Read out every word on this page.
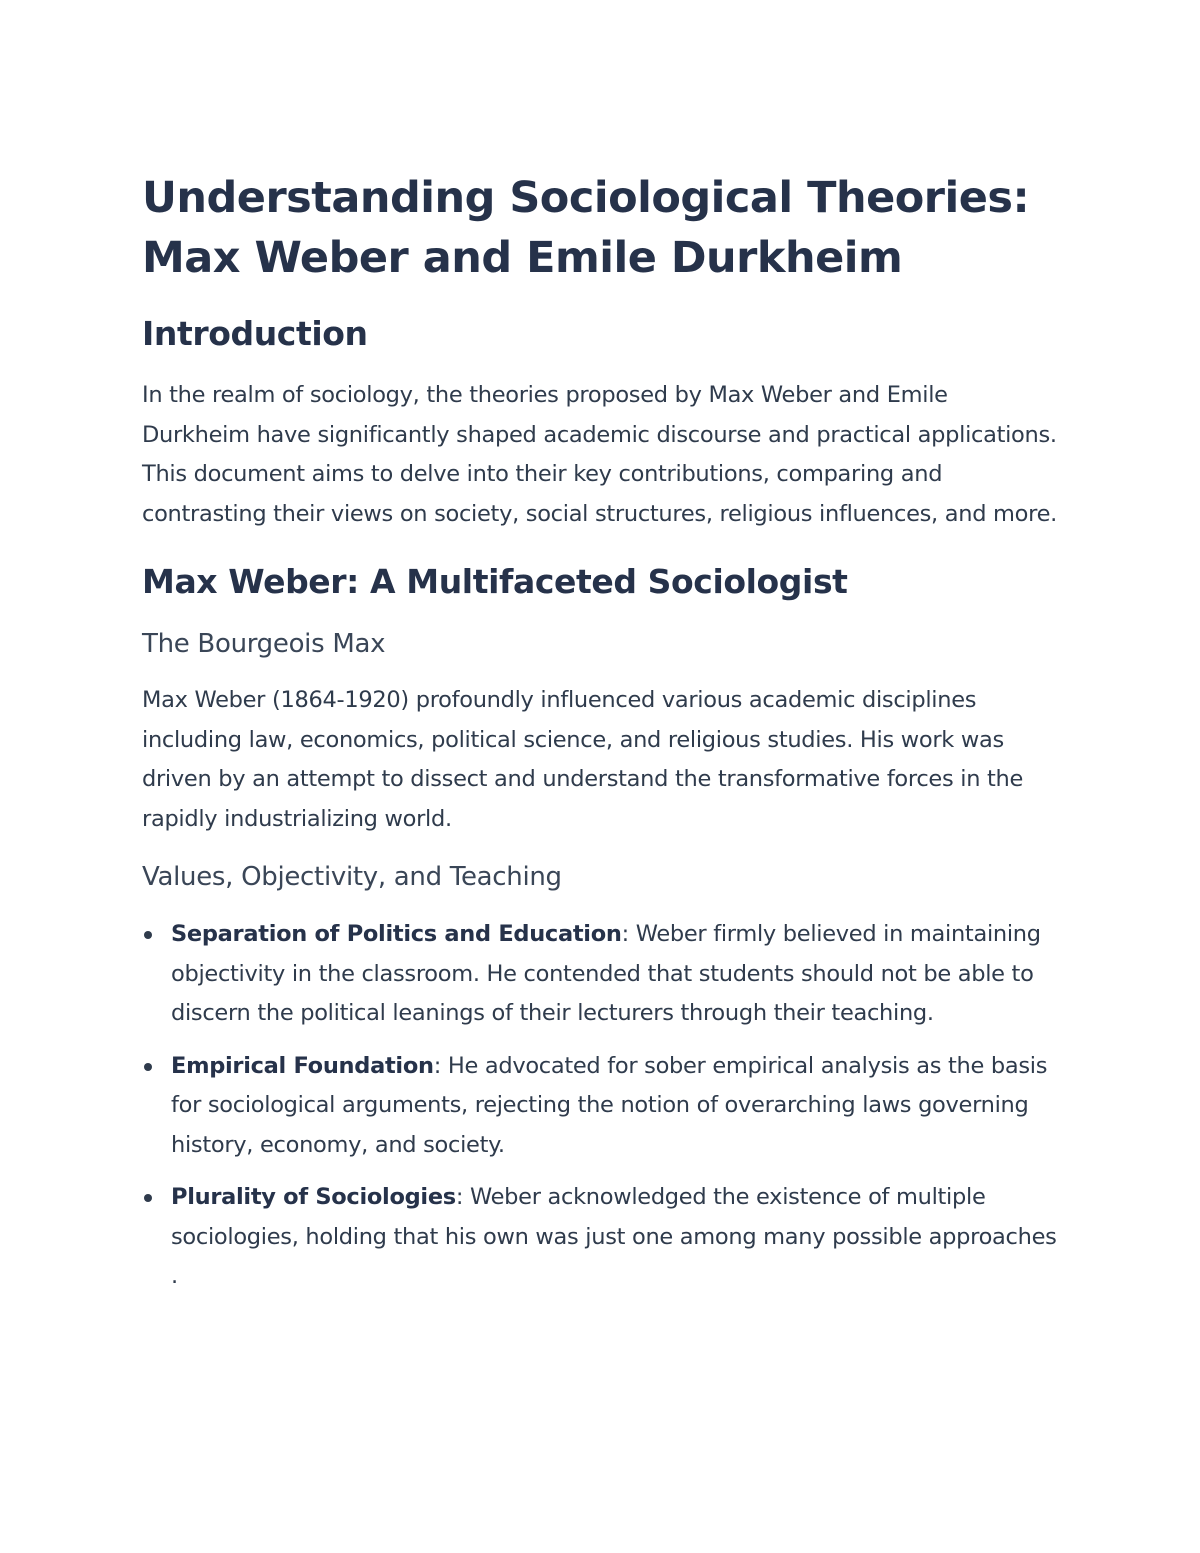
Understanding Sociological Theories:
Max Weber and Emile Durkheim
Introduction

In the realm of sociology, the theories proposed by Max Weber and Emile Durkheim have significantly shaped academic discourse and practical applications. This document aims to delve into their key contributions, comparing and contrasting their views on society, social structures, religious influences, and more.

Max Weber: A Multifaceted Sociologist
The Bourgeois Max

Max Weber (1864-1920) profoundly influenced various academic disciplines including law, economics, political science, and religious studies. His work was driven by an attempt to dissect and understand the transformative forces in the rapidly industrializing world.

Values, Objectivity, and Teaching
Separation of Politics and Education: Weber firmly believed in maintaining objectivity in the classroom. He contended that students should not be able to discern the political leanings of their lecturers through their teaching.
Empirical Foundation: He advocated for sober empirical analysis as the basis for sociological arguments, rejecting the notion of overarching laws governing history, economy, and society.
Plurality of Sociologies: Weber acknowledged the existence of multiple sociologies, holding that his own was just one among many possible approaches .
